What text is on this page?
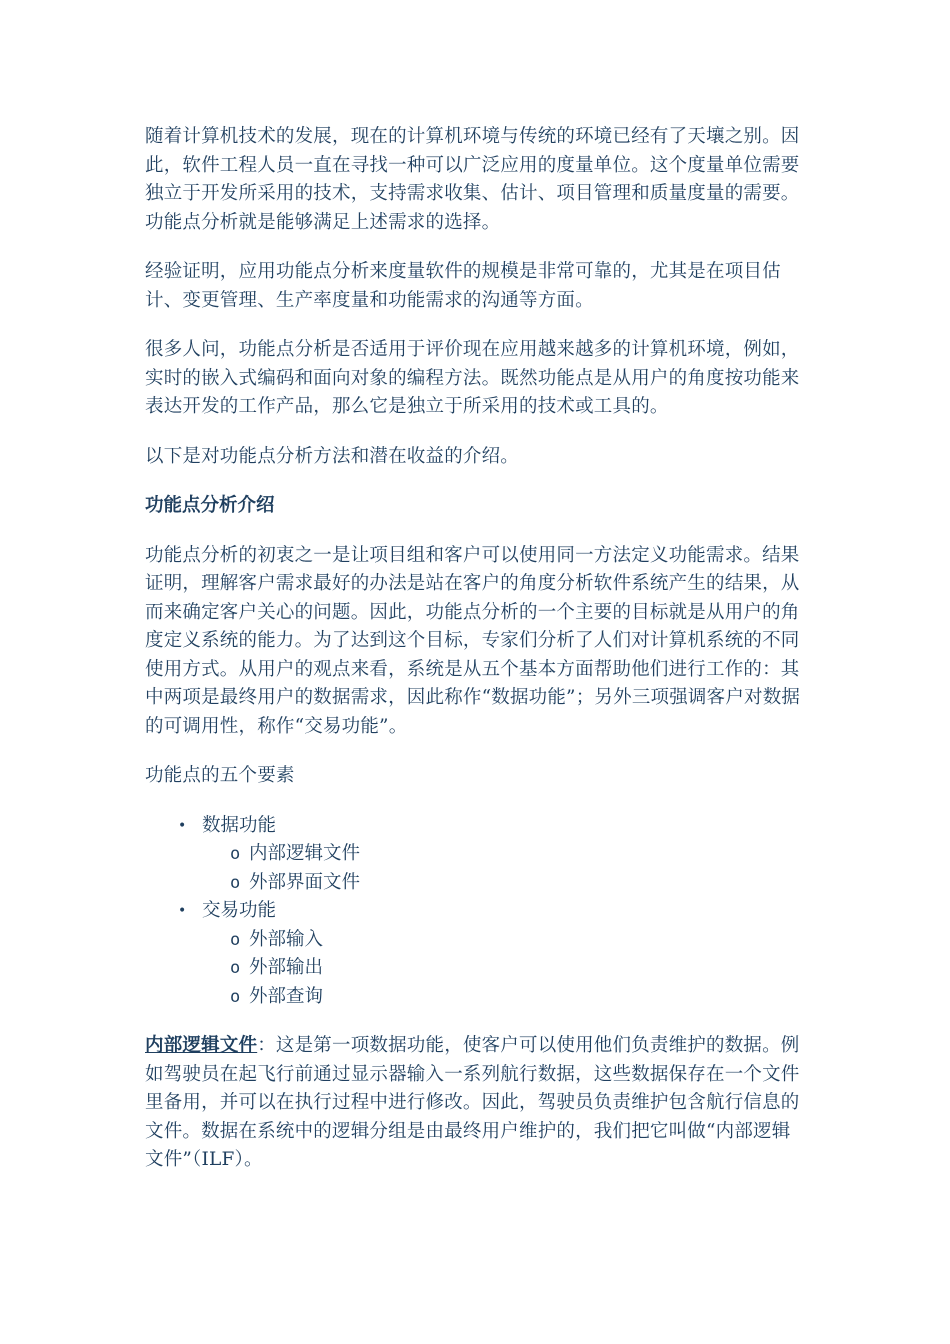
随着计算机技术的发展，现在的计算机环境与传统的环境已经有了天壤之别。因此，软件工程人员一直在寻找一种可以广泛应用的度量单位。这个度量单位需要独立于开发所采用的技术，支持需求收集、估计、项目管理和质量度量的需要。功能点分析就是能够满足上述需求的选择。

经验证明，应用功能点分析来度量软件的规模是非常可靠的，尤其是在项目估计、变更管理、生产率度量和功能需求的沟通等方面。

很多人问，功能点分析是否适用于评价现在应用越来越多的计算机环境，例如，实时的嵌入式编码和面向对象的编程方法。既然功能点是从用户的角度按功能来表达开发的工作产品，那么它是独立于所采用的技术或工具的。

以下是对功能点分析方法和潜在收益的介绍。

功能点分析介绍

功能点分析的初衷之一是让项目组和客户可以使用同一方法定义功能需求。结果证明，理解客户需求最好的办法是站在客户的角度分析软件系统产生的结果，从而来确定客户关心的问题。因此，功能点分析的一个主要的目标就是从用户的角度定义系统的能力。为了达到这个目标，专家们分析了人们对计算机系统的不同使用方式。从用户的观点来看，系统是从五个基本方面帮助他们进行工作的：其中两项是最终用户的数据需求，因此称作“数据功能”；另外三项强调客户对数据的可调用性，称作“交易功能”。

功能点的五个要素

• 数据功能
o 内部逻辑文件
o 外部界面文件
• 交易功能
o 外部输入
o 外部输出
o 外部查询

内部逻辑文件：这是第一项数据功能，使客户可以使用他们负责维护的数据。例如驾驶员在起飞行前通过显示器输入一系列航行数据，这些数据保存在一个文件里备用，并可以在执行过程中进行修改。因此，驾驶员负责维护包含航行信息的文件。数据在系统中的逻辑分组是由最终用户维护的，我们把它叫做“内部逻辑文件”（ILF）。
